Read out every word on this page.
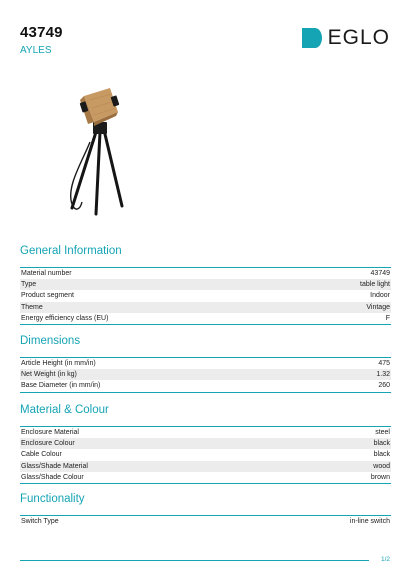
43749
AYLES
EGLO
General Information
Material number	43749
Type	table light
Product segment	Indoor
Theme	Vintage
Energy efficiency class (EU)	F
Dimensions
Article Height (in mm/in)	475
Net Weight (in kg)	1.32
Base Diameter (in mm/in)	260
Material & Colour
Enclosure Material	steel
Enclosure Colour	black
Cable Colour	black
Glass/Shade Material	wood
Glass/Shade Colour	brown
Functionality
Switch Type	in-line switch
1/2
